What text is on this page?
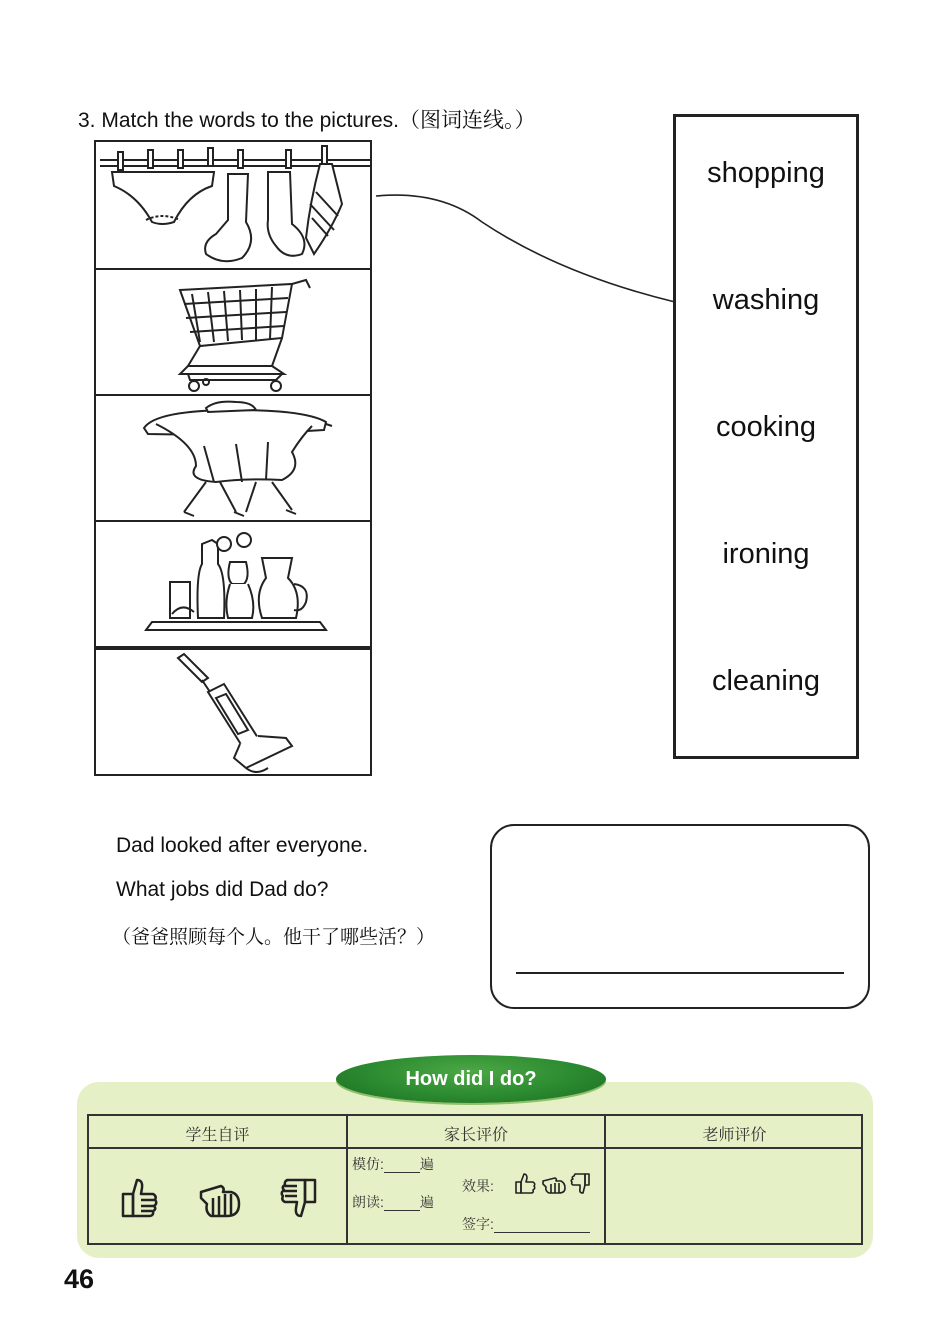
3. Match the words to the pictures.（图词连线。）
shopping
washing
cooking
ironing
cleaning
Dad looked after everyone.
What jobs did Dad do?
（爸爸照顾每个人。他干了哪些活？）
How did I do?
学生自评	家长评价	老师评价
模仿:	遍
朗读:	遍
效果:
签字:
46
